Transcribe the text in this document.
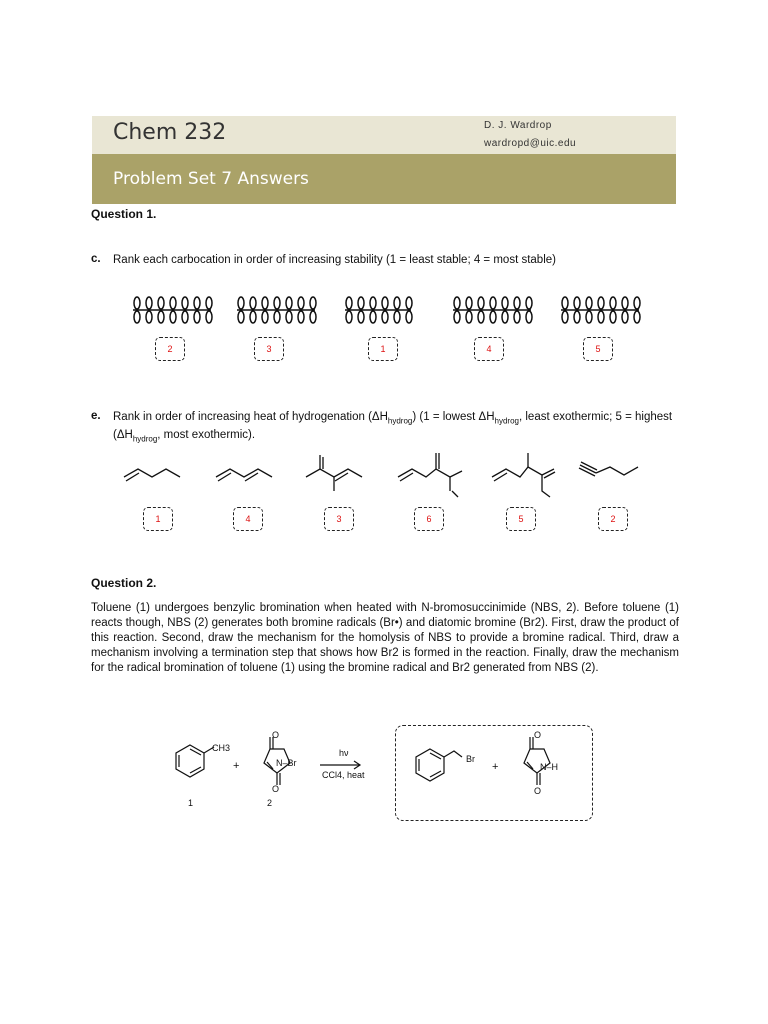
Chem 232	D. J. Wardrop
wardropd@uic.edu
Problem Set 7 Answers
Question 1.
c. Rank each carbocation in order of increasing stability (1 = least stable; 4 = most stable)
2	3	1	4	5
e. Rank in order of increasing heat of hydrogenation $(\Delta H_{hydrog}) (1$ = lowest $\Delta H_{hydrog}$, least exothermic; 5 = highest ($\Delta H_{hydrog}$, most exothermic).
1	4	3	6	5	2
Question 2.
Toluene (1) undergoes benzylic bromination when heated with N-bromosuccinimide (NBS, 2). Before toluene (1) reacts though, NBS (2) generates both bromine radicals (Br•) and diatomic bromine (Br2). First, draw the product of this reaction. Second, draw the mechanism for the homolysis of NBS to provide a bromine radical. Third, draw a mechanism involving a termination step that shows how Br2 is formed in the reaction. Finally, draw the mechanism for the radical bromination of toluene (1) using the bromine radical and Br2 generated from NBS (2).
CH3
+
O
N–Br
O
hν
CCl4, heat
1	2
Br
+
O
N–H
O
